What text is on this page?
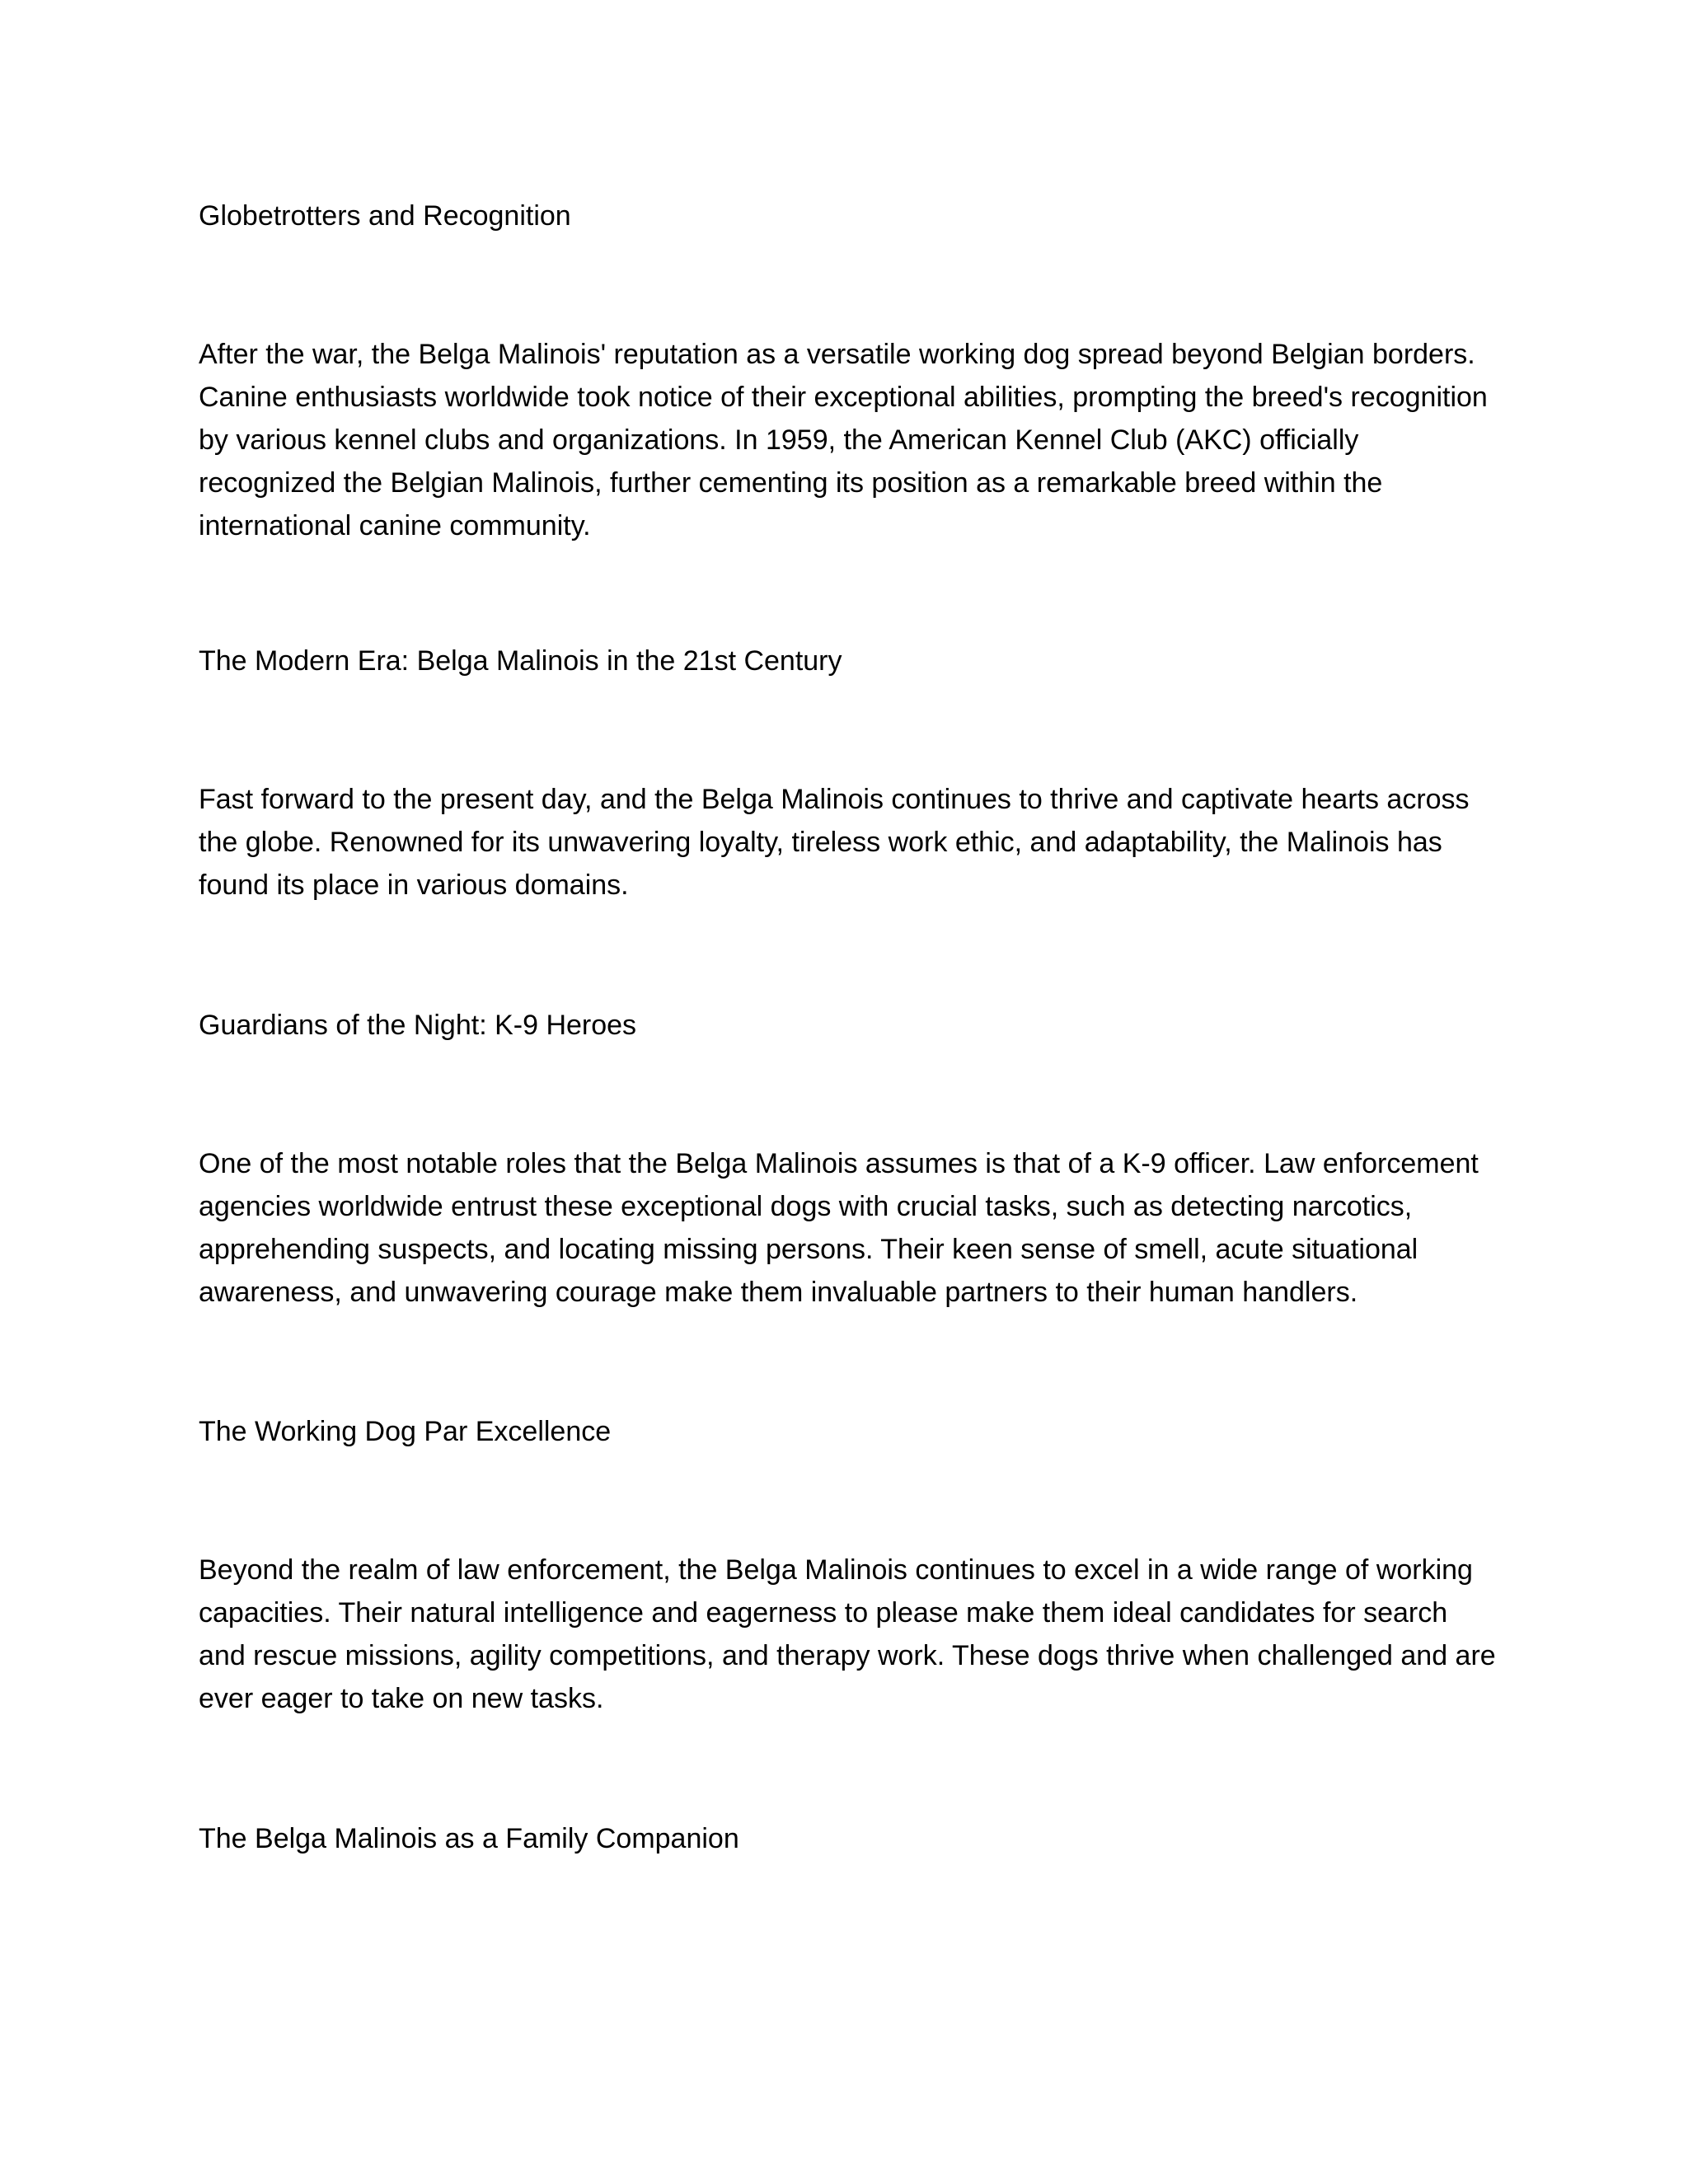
Globetrotters and Recognition

After the war, the Belga Malinois' reputation as a versatile working dog spread beyond Belgian borders. Canine enthusiasts worldwide took notice of their exceptional abilities, prompting the breed's recognition by various kennel clubs and organizations. In 1959, the American Kennel Club (AKC) officially recognized the Belgian Malinois, further cementing its position as a remarkable breed within the international canine community.

The Modern Era: Belga Malinois in the 21st Century

Fast forward to the present day, and the Belga Malinois continues to thrive and captivate hearts across the globe. Renowned for its unwavering loyalty, tireless work ethic, and adaptability, the Malinois has found its place in various domains.

Guardians of the Night: K-9 Heroes

One of the most notable roles that the Belga Malinois assumes is that of a K-9 officer. Law enforcement agencies worldwide entrust these exceptional dogs with crucial tasks, such as detecting narcotics, apprehending suspects, and locating missing persons. Their keen sense of smell, acute situational awareness, and unwavering courage make them invaluable partners to their human handlers.

The Working Dog Par Excellence

Beyond the realm of law enforcement, the Belga Malinois continues to excel in a wide range of working capacities. Their natural intelligence and eagerness to please make them ideal candidates for search and rescue missions, agility competitions, and therapy work. These dogs thrive when challenged and are ever eager to take on new tasks.

The Belga Malinois as a Family Companion
